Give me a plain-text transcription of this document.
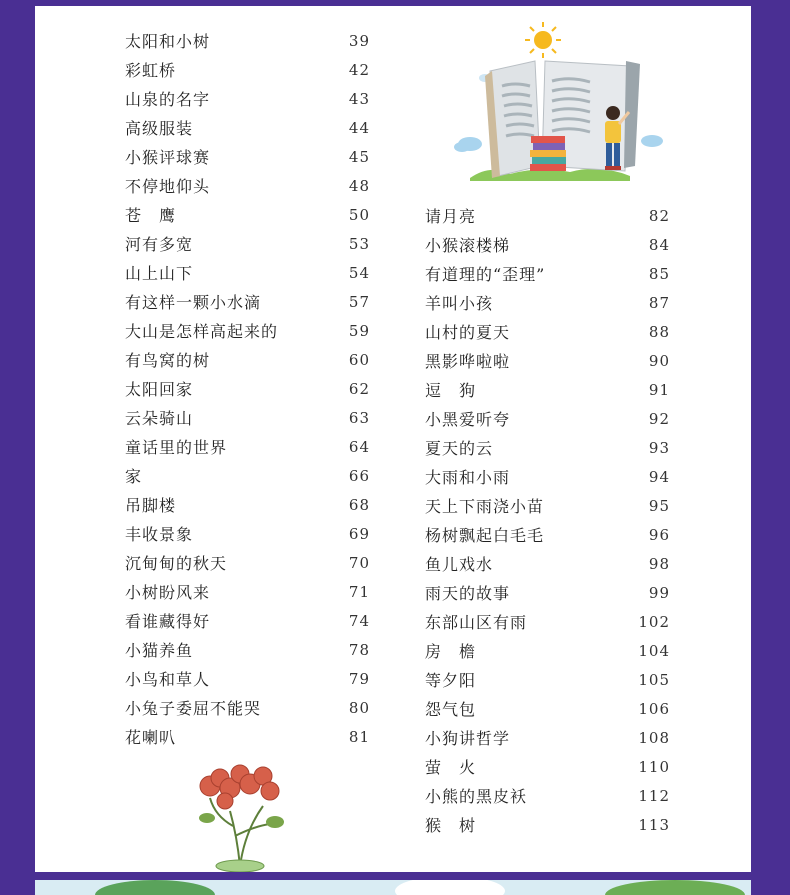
太阳和小树	39
彩虹桥	42
山泉的名字	43
高级服装	44
小猴评球赛	45
不停地仰头	48
苍　鹰	50
河有多宽	53
山上山下	54
有这样一颗小水滴	57
大山是怎样高起来的	59
有鸟窝的树	60
太阳回家	62
云朵骑山	63
童话里的世界	64
家	66
吊脚楼	68
丰收景象	69
沉甸甸的秋天	70
小树盼风来	71
看谁藏得好	74
小猫养鱼	78
小鸟和草人	79
小兔子委屈不能哭	80
花喇叭	81
请月亮	82
小猴滚楼梯	84
有道理的“歪理”	85
羊叫小孩	87
山村的夏天	88
黑影哗啦啦	90
逗　狗	91
小黑爱听夸	92
夏天的云	93
大雨和小雨	94
天上下雨浇小苗	95
杨树飘起白毛毛	96
鱼儿戏水	98
雨天的故事	99
东部山区有雨	102
房　檐	104
等夕阳	105
怨气包	106
小狗讲哲学	108
萤　火	110
小熊的黑皮袄	112
猴　树	113
